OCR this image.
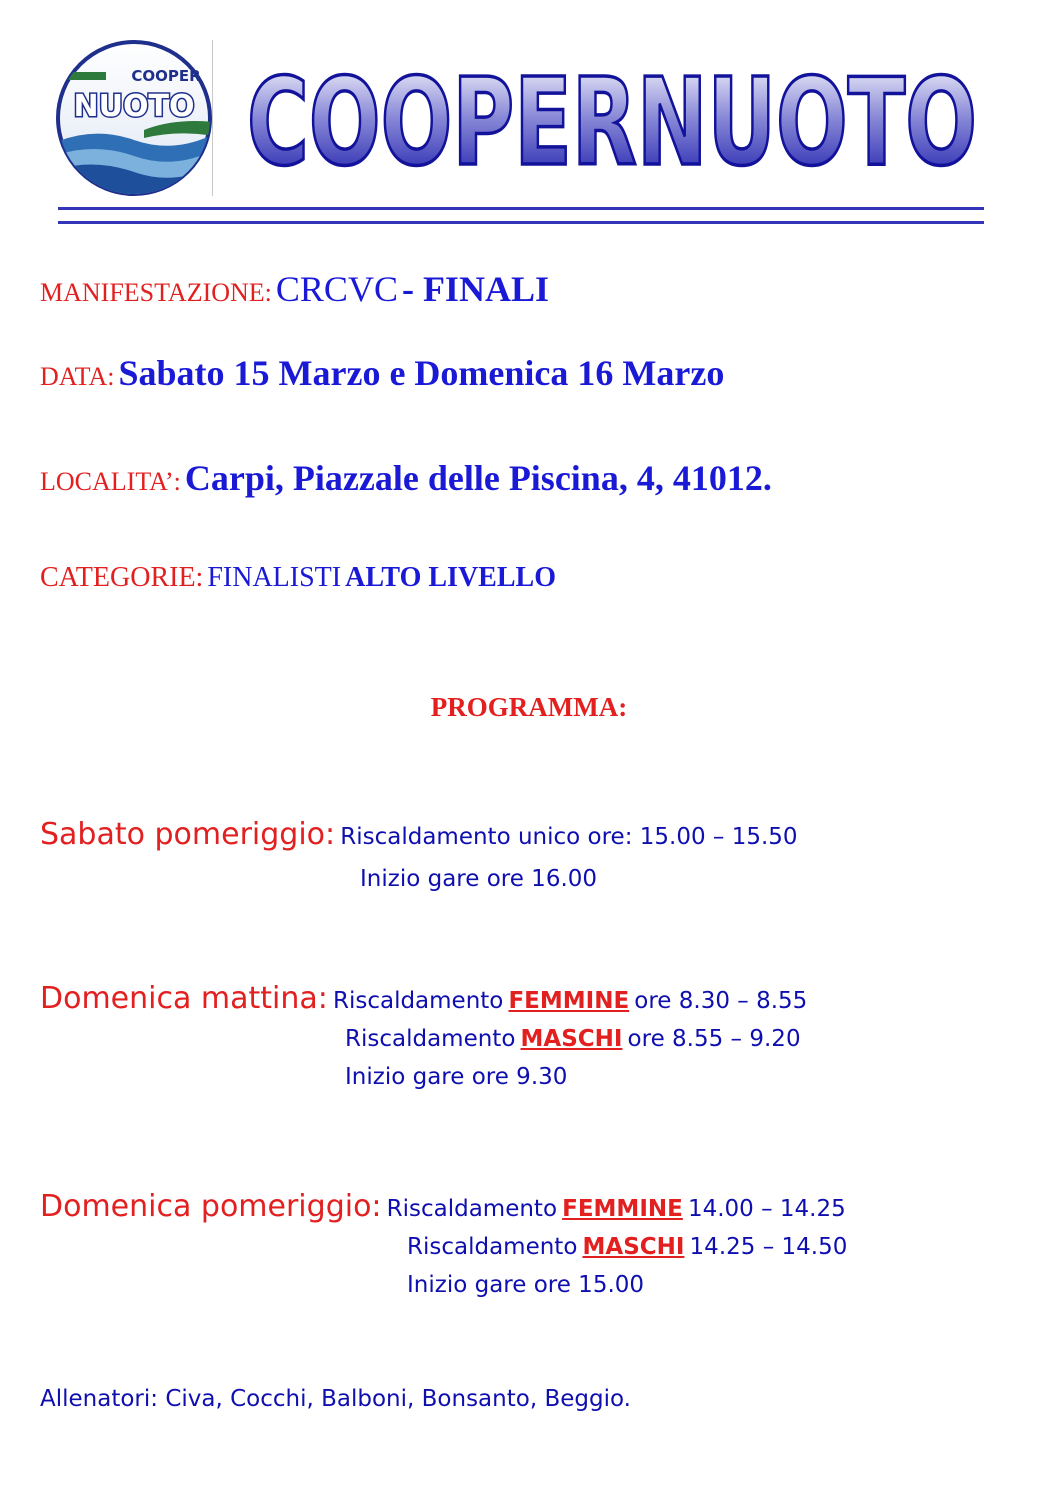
COOPER
NUOTO COOPERNUOTO
MANIFESTAZIONE: CRCVC - FINALI
DATA: Sabato 15 Marzo e Domenica 16 Marzo
LOCALITA’: Carpi, Piazzale delle Piscina, 4, 41012.
CATEGORIE: FINALISTI ALTO LIVELLO
PROGRAMMA:
Sabato pomeriggio: Riscaldamento unico ore: 15.00 – 15.50
Inizio gare ore 16.00
Domenica mattina: Riscaldamento FEMMINE ore 8.30 – 8.55
Riscaldamento MASCHI ore 8.55 – 9.20
Inizio gare ore 9.30
Domenica pomeriggio: Riscaldamento FEMMINE 14.00 – 14.25
Riscaldamento MASCHI 14.25 – 14.50
Inizio gare ore 15.00
Allenatori: Civa, Cocchi, Balboni, Bonsanto, Beggio.
